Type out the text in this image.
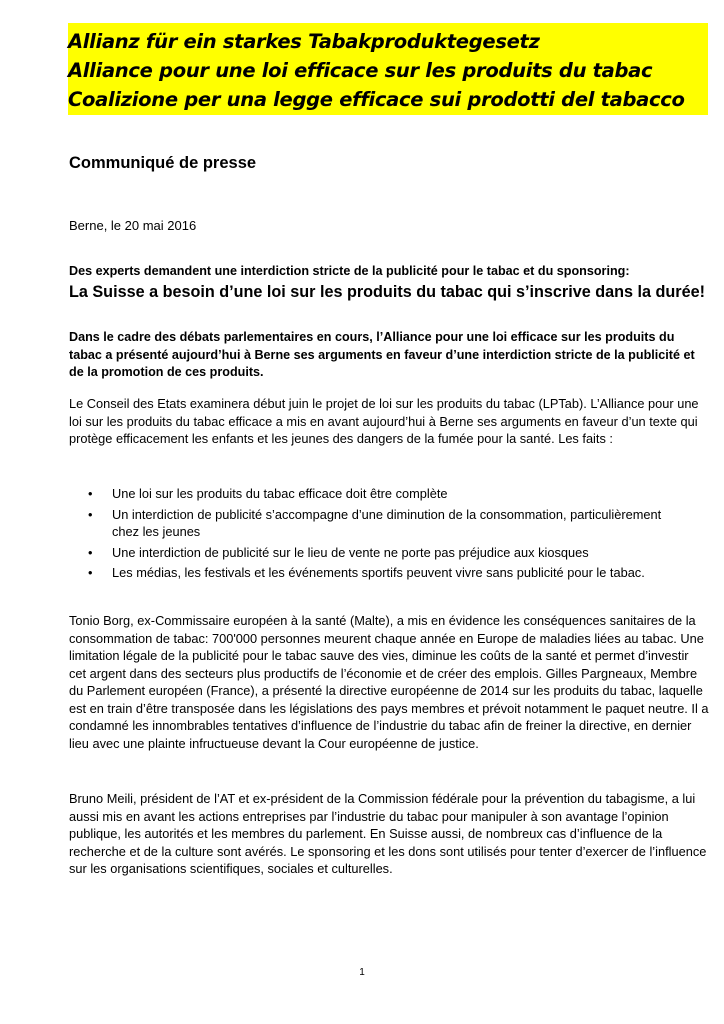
Allianz für ein starkes Tabakproduktegesetz
Alliance pour une loi efficace sur les produits du tabac
Coalizione per una legge efficace sui prodotti del tabacco
Communiqué de presse
Berne, le 20 mai 2016
Des experts demandent une interdiction stricte de la publicité pour le tabac et du sponsoring:
La Suisse a besoin d’une loi sur les produits du tabac qui s’inscrive dans la durée!
Dans le cadre des débats parlementaires en cours, l’Alliance pour une loi efficace sur les produits du tabac a présenté aujourd’hui à Berne ses arguments en faveur d’une interdiction stricte de la publicité et de la promotion de ces produits.
Le Conseil des Etats examinera début juin le projet de loi sur les produits du tabac (LPTab). L’Alliance pour une loi sur les produits du tabac efficace a mis en avant aujourd’hui à Berne ses arguments en faveur d’un texte qui protège efficacement les enfants et les jeunes des dangers de la fumée pour la santé. Les faits :
•	Une loi sur les produits du tabac efficace doit être complète
•	Un interdiction de publicité s’accompagne d’une diminution de la consommation, particulièrement chez les jeunes
•	Une interdiction de publicité sur le lieu de vente ne porte pas préjudice aux kiosques
•	Les médias, les festivals et les événements sportifs peuvent vivre sans publicité pour le tabac.
Tonio Borg, ex-Commissaire européen à la santé (Malte), a mis en évidence les conséquences sanitaires de la consommation de tabac: 700'000 personnes meurent chaque année en Europe de maladies liées au tabac. Une limitation légale de la publicité pour le tabac sauve des vies, diminue les coûts de la santé et permet d’investir cet argent dans des secteurs plus productifs de l’économie et de créer des emplois. Gilles Pargneaux, Membre du Parlement européen (France), a présenté la directive européenne de 2014 sur les produits du tabac, laquelle est en train d’être transposée dans les législations des pays membres et prévoit notamment le paquet neutre. Il a condamné les innombrables tentatives d’influence de l’industrie du tabac afin de freiner la directive, en dernier lieu avec une plainte infructueuse devant la Cour européenne de justice.
Bruno Meili, président de l’AT et ex-président de la Commission fédérale pour la prévention du tabagisme, a lui aussi mis en avant les actions entreprises par l’industrie du tabac pour manipuler à son avantage l’opinion publique, les autorités et les membres du parlement. En Suisse aussi, de nombreux cas d’influence de la recherche et de la culture sont avérés. Le sponsoring et les dons sont utilisés pour tenter d’exercer de l’influence sur les organisations scientifiques, sociales et culturelles.
1
